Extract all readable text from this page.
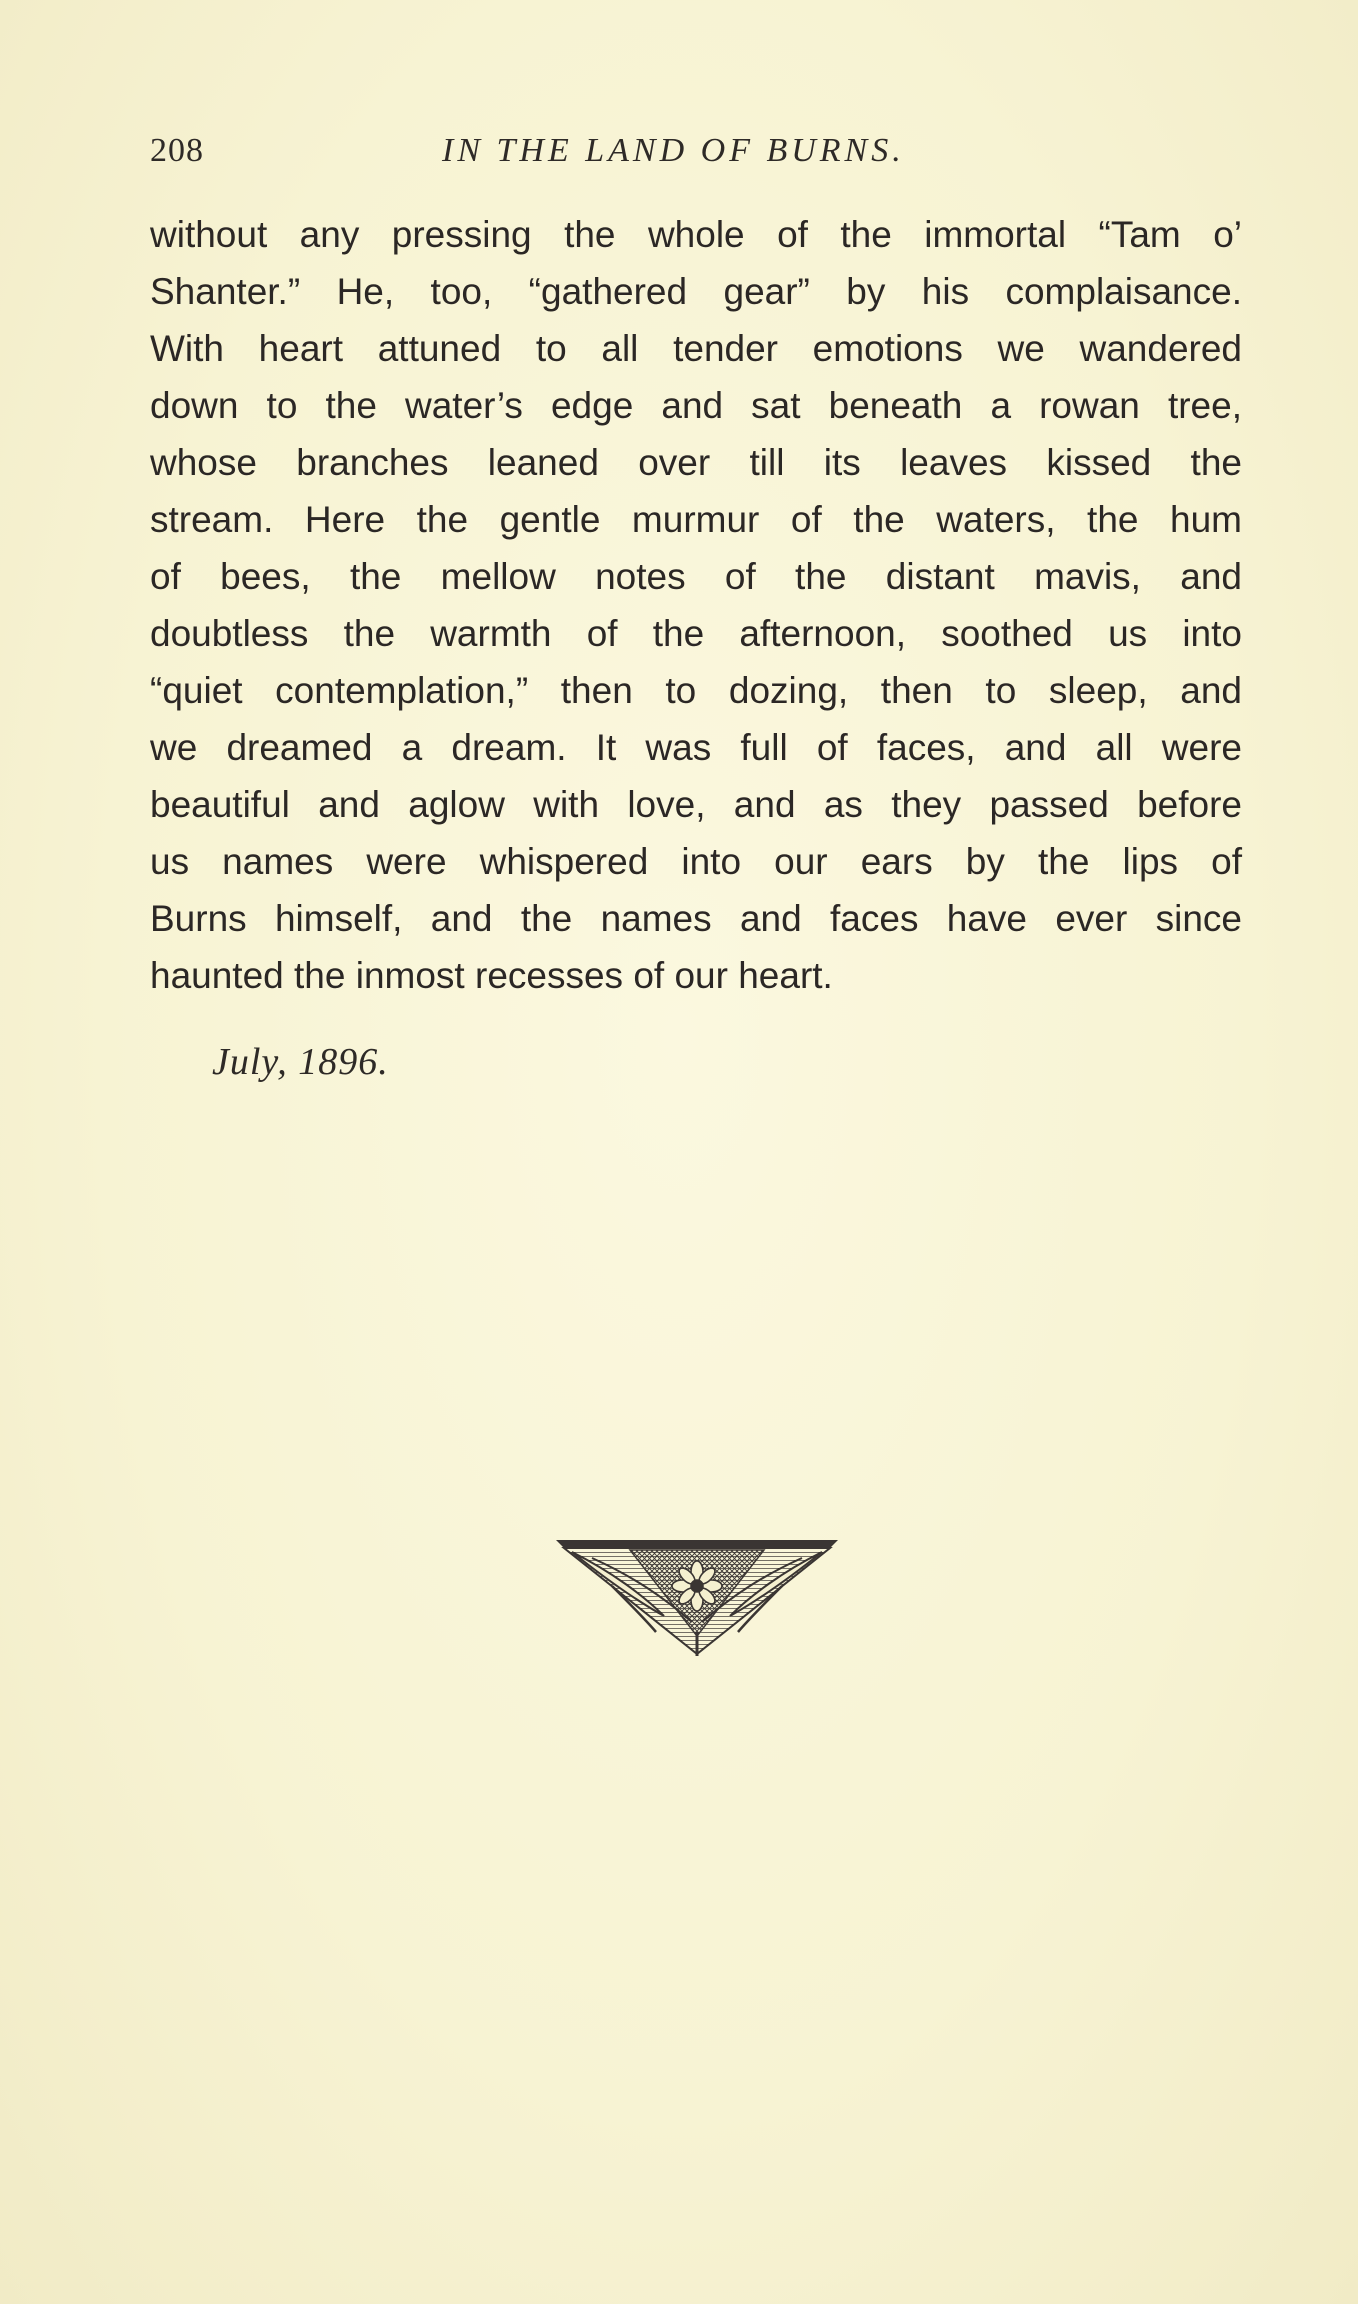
208	IN THE LAND OF BURNS.
without any pressing the whole of the immortal “Tam o’
Shanter.” He, too, “gathered gear” by his complaisance.
With heart attuned to all tender emotions we wandered
down to the water’s edge and sat beneath a rowan tree,
whose branches leaned over till its leaves kissed the
stream. Here the gentle murmur of the waters, the hum
of bees, the mellow notes of the distant mavis, and
doubtless the warmth of the afternoon, soothed us into
“quiet contemplation,” then to dozing, then to sleep, and
we dreamed a dream. It was full of faces, and all were
beautiful and aglow with love, and as they passed before
us names were whispered into our ears by the lips of
Burns himself, and the names and faces have ever since
haunted the inmost recesses of our heart.
July, 1896.
